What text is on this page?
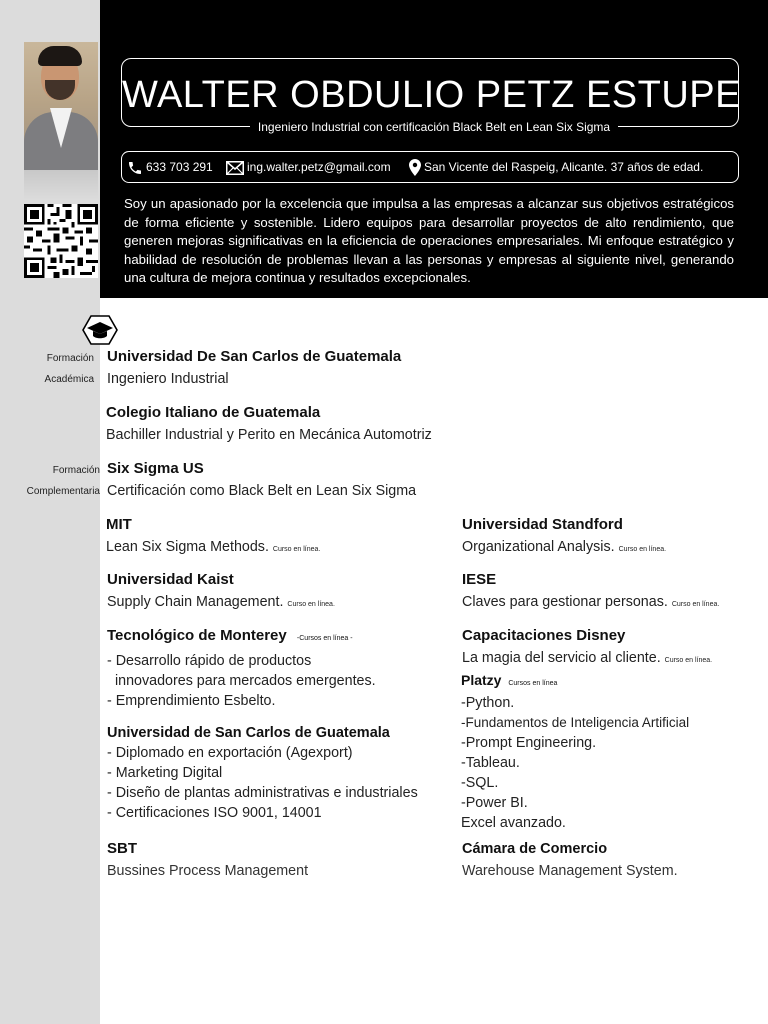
Formación
Académica
Formación
Complementaria
WALTER OBDULIO PETZ ESTUPE
Ingeniero Industrial con certificación Black Belt en Lean Six Sigma
633 703 291	ing.walter.petz@gmail.com	San Vicente del Raspeig, Alicante. 37 años de edad.
Soy un apasionado por la excelencia que impulsa a las empresas a alcanzar sus objetivos estratégicos de forma eficiente y sostenible. Lidero equipos para desarrollar proyectos de alto rendimiento, que generen mejoras significativas en la eficiencia de operaciones empresariales. Mi enfoque estratégico y habilidad de resolución de problemas llevan a las personas y empresas al siguiente nivel, generando una cultura de mejora continua y resultados excepcionales.
Universidad De San Carlos de Guatemala
Ingeniero Industrial
Colegio Italiano de Guatemala
Bachiller Industrial y Perito en Mecánica Automotriz
Six Sigma US
Certificación como Black Belt en Lean Six Sigma
MIT
Lean Six Sigma Methods. Curso en línea.
Universidad Kaist
Supply Chain Management. Curso en línea.
Tecnológico de Monterey -Cursos en línea -
- Desarrollo rápido de productos
innovadores para mercados emergentes.
- Emprendimiento Esbelto.
Universidad de San Carlos de Guatemala
- Diplomado en exportación (Agexport)
- Marketing Digital
- Diseño de plantas administrativas e industriales
- Certificaciones ISO 9001, 14001
SBT
Bussines Process Management
Universidad Standford
Organizational Analysis. Curso en línea.
IESE
Claves para gestionar personas. Curso en línea.
Capacitaciones Disney
La magia del servicio al cliente. Curso en línea.
Platzy Cursos en línea
-Python.
-Fundamentos de Inteligencia Artificial
-Prompt Engineering.
-Tableau.
-SQL.
-Power BI.
Excel avanzado.
Cámara de Comercio
Warehouse Management System.
